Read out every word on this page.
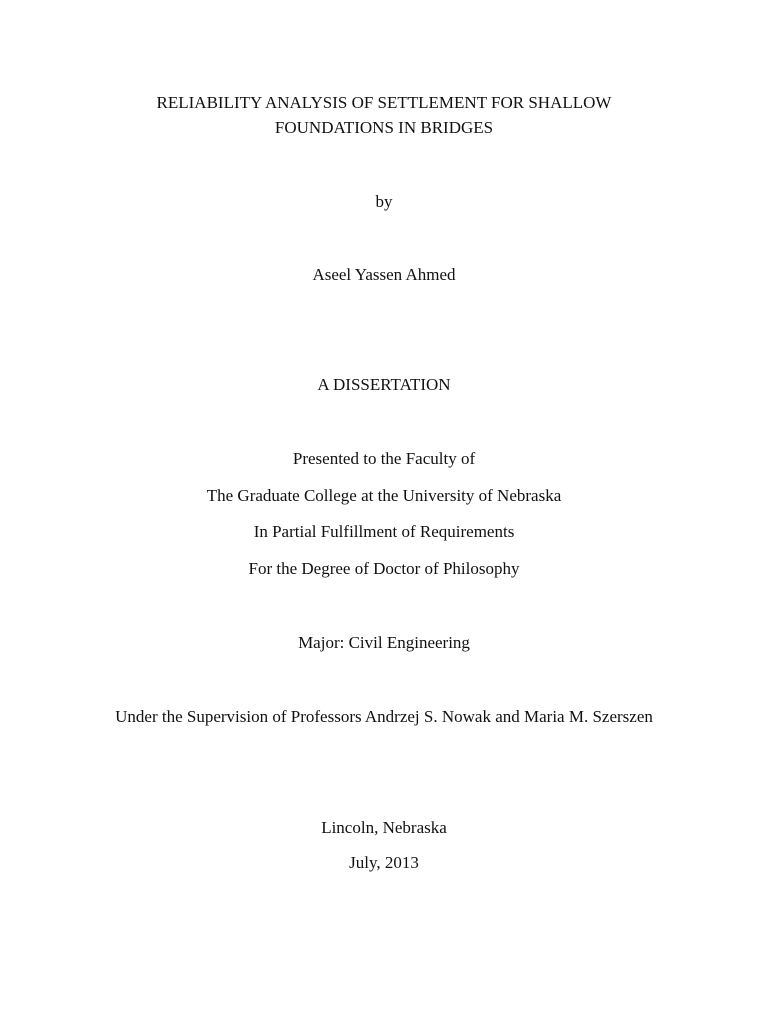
RELIABILITY ANALYSIS OF SETTLEMENT FOR SHALLOW
FOUNDATIONS IN BRIDGES
by
Aseel Yassen Ahmed
A DISSERTATION
Presented to the Faculty of
The Graduate College at the University of Nebraska
In Partial Fulfillment of Requirements
For the Degree of Doctor of Philosophy
Major: Civil Engineering
Under the Supervision of Professors Andrzej S. Nowak and Maria M. Szerszen
Lincoln, Nebraska
July, 2013
